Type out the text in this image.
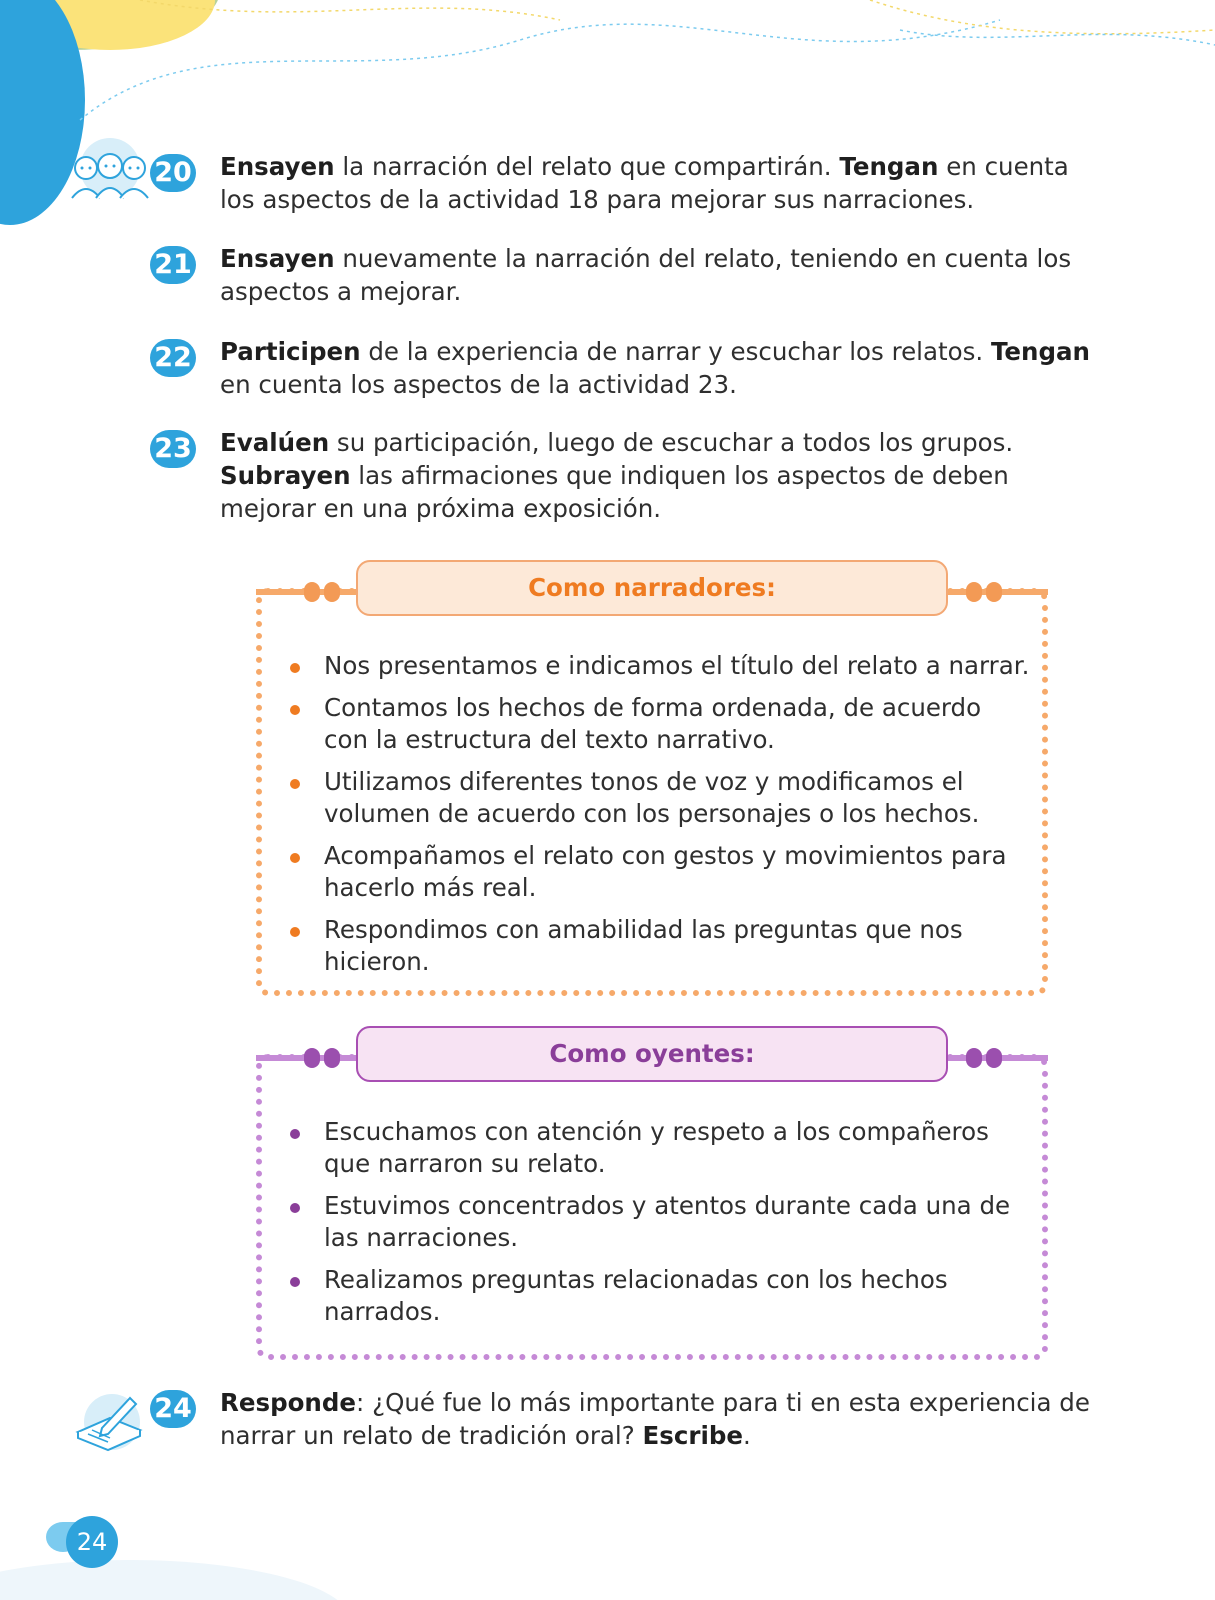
20 Ensayen la narración del relato que compartirán. Tengan en cuenta los aspectos de la actividad 18 para mejorar sus narraciones.
21 Ensayen nuevamente la narración del relato, teniendo en cuenta los aspectos a mejorar.
22 Participen de la experiencia de narrar y escuchar los relatos. Tengan en cuenta los aspectos de la actividad 23.
23 Evalúen su participación, luego de escuchar a todos los grupos.
Subrayen las afirmaciones que indiquen los aspectos de deben mejorar en una próxima exposición.
Como narradores:
Nos presentamos e indicamos el título del relato a narrar.
Contamos los hechos de forma ordenada, de acuerdo con la estructura del texto narrativo.
Utilizamos diferentes tonos de voz y modificamos el volumen de acuerdo con los personajes o los hechos.
Acompañamos el relato con gestos y movimientos para hacerlo más real.
Respondimos con amabilidad las preguntas que nos hicieron.
Como oyentes:
Escuchamos con atención y respeto a los compañeros que narraron su relato.
Estuvimos concentrados y atentos durante cada una de las narraciones.
Realizamos preguntas relacionadas con los hechos narrados.
24 Responde: ¿Qué fue lo más importante para ti en esta experiencia de narrar un relato de tradición oral? Escribe.
24
